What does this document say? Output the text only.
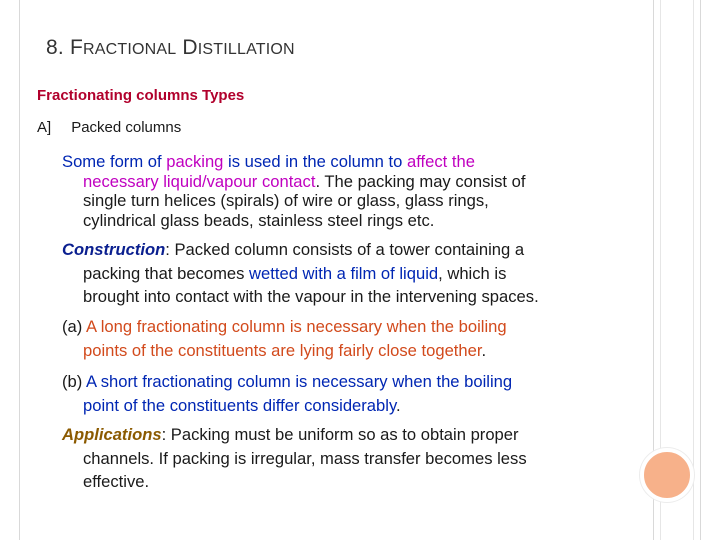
8. FRACTIONAL DISTILLATION
Fractionating columns Types
A] Packed columns
Some form of packing is used in the column to affect the
necessary liquid/vapour contact. The packing may consist of
single turn helices (spirals) of wire or glass, glass rings,
cylindrical glass beads, stainless steel rings etc.
Construction: Packed column consists of a tower containing a
packing that becomes wetted with a film of liquid, which is
brought into contact with the vapour in the intervening spaces.
(a) A long fractionating column is necessary when the boiling
points of the constituents are lying fairly close together.
(b) A short fractionating column is necessary when the boiling
point of the constituents differ considerably.
Applications: Packing must be uniform so as to obtain proper
channels. If packing is irregular, mass transfer becomes less
effective.
